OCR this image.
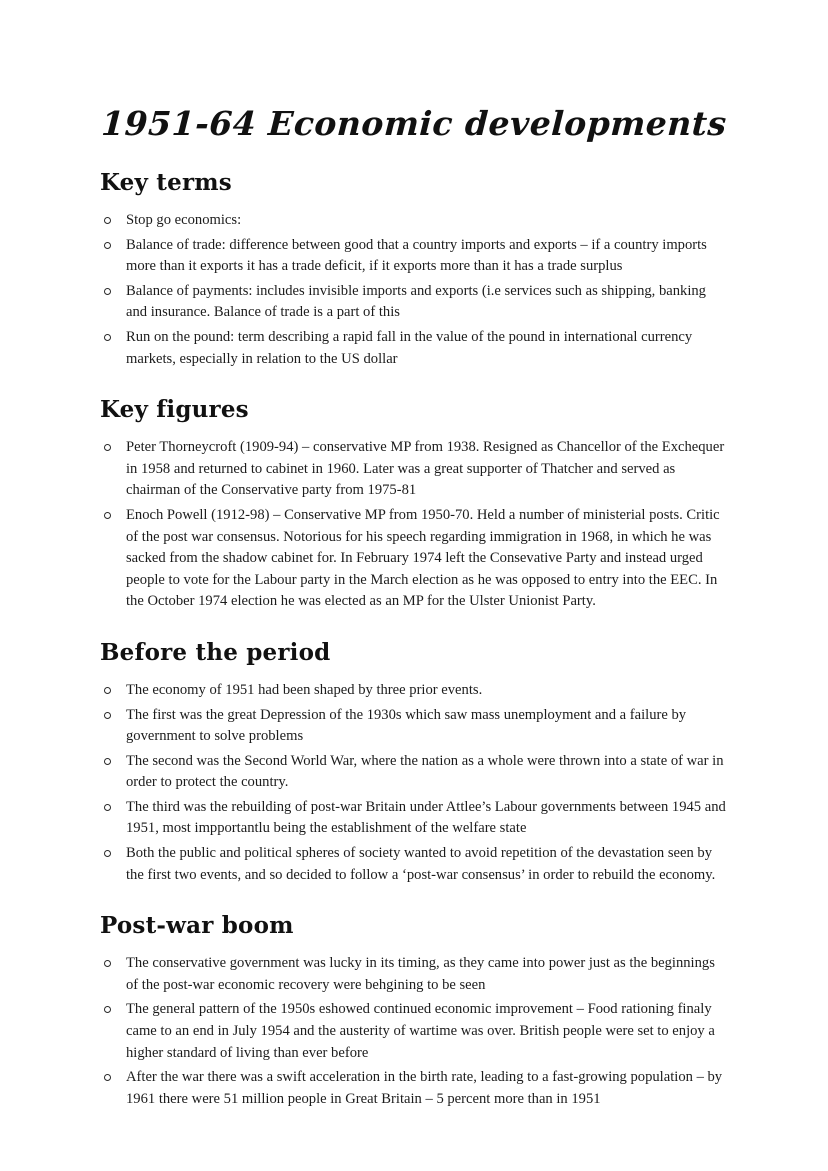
1951-64 Economic developments
Key terms
Stop go economics:
Balance of trade: difference between good that a country imports and exports – if a country imports more than it exports it has a trade deficit, if it exports more than it has a trade surplus
Balance of payments: includes invisible imports and exports (i.e services such as shipping, banking and insurance. Balance of trade is a part of this
Run on the pound: term describing a rapid fall in the value of the pound in international currency markets, especially in relation to the US dollar
Key figures
Peter Thorneycroft (1909-94) – conservative MP from 1938. Resigned as Chancellor of the Exchequer in 1958 and returned to cabinet in 1960. Later was a great supporter of Thatcher and served as chairman of the Conservative party from 1975-81
Enoch Powell (1912-98) – Conservative MP from 1950-70. Held a number of ministerial posts. Critic of the post war consensus. Notorious for his speech regarding immigration in 1968, in which he was sacked from the shadow cabinet for. In February 1974 left the Consevative Party and instead urged people to vote for the Labour party in the March election as he was opposed to entry into the EEC. In the October 1974 election he was elected as an MP for the Ulster Unionist Party.
Before the period
The economy of 1951 had been shaped by three prior events.
The first was the great Depression of the 1930s which saw mass unemployment and a failure by government to solve problems
The second was the Second World War, where the nation as a whole were thrown into a state of war in order to protect the country.
The third was the rebuilding of post-war Britain under Attlee’s Labour governments between 1945 and 1951, most impportantlu being the establishment of the welfare state
Both the public and political spheres of society wanted to avoid repetition of the devastation seen by the first two events, and so decided to follow a ‘post-war consensus’ in order to rebuild the economy.
Post-war boom
The conservative government was lucky in its timing, as they came into power just as the beginnings of the post-war economic recovery were behgining to be seen
The general pattern of the 1950s eshowed continued economic improvement – Food rationing finaly came to an end in July 1954 and the austerity of wartime was over. British people were set to enjoy a higher standard of living than ever before
After the war there was a swift acceleration in the birth rate, leading to a fast-growing population – by 1961 there were 51 million people in Great Britain – 5 percent more than in 1951
